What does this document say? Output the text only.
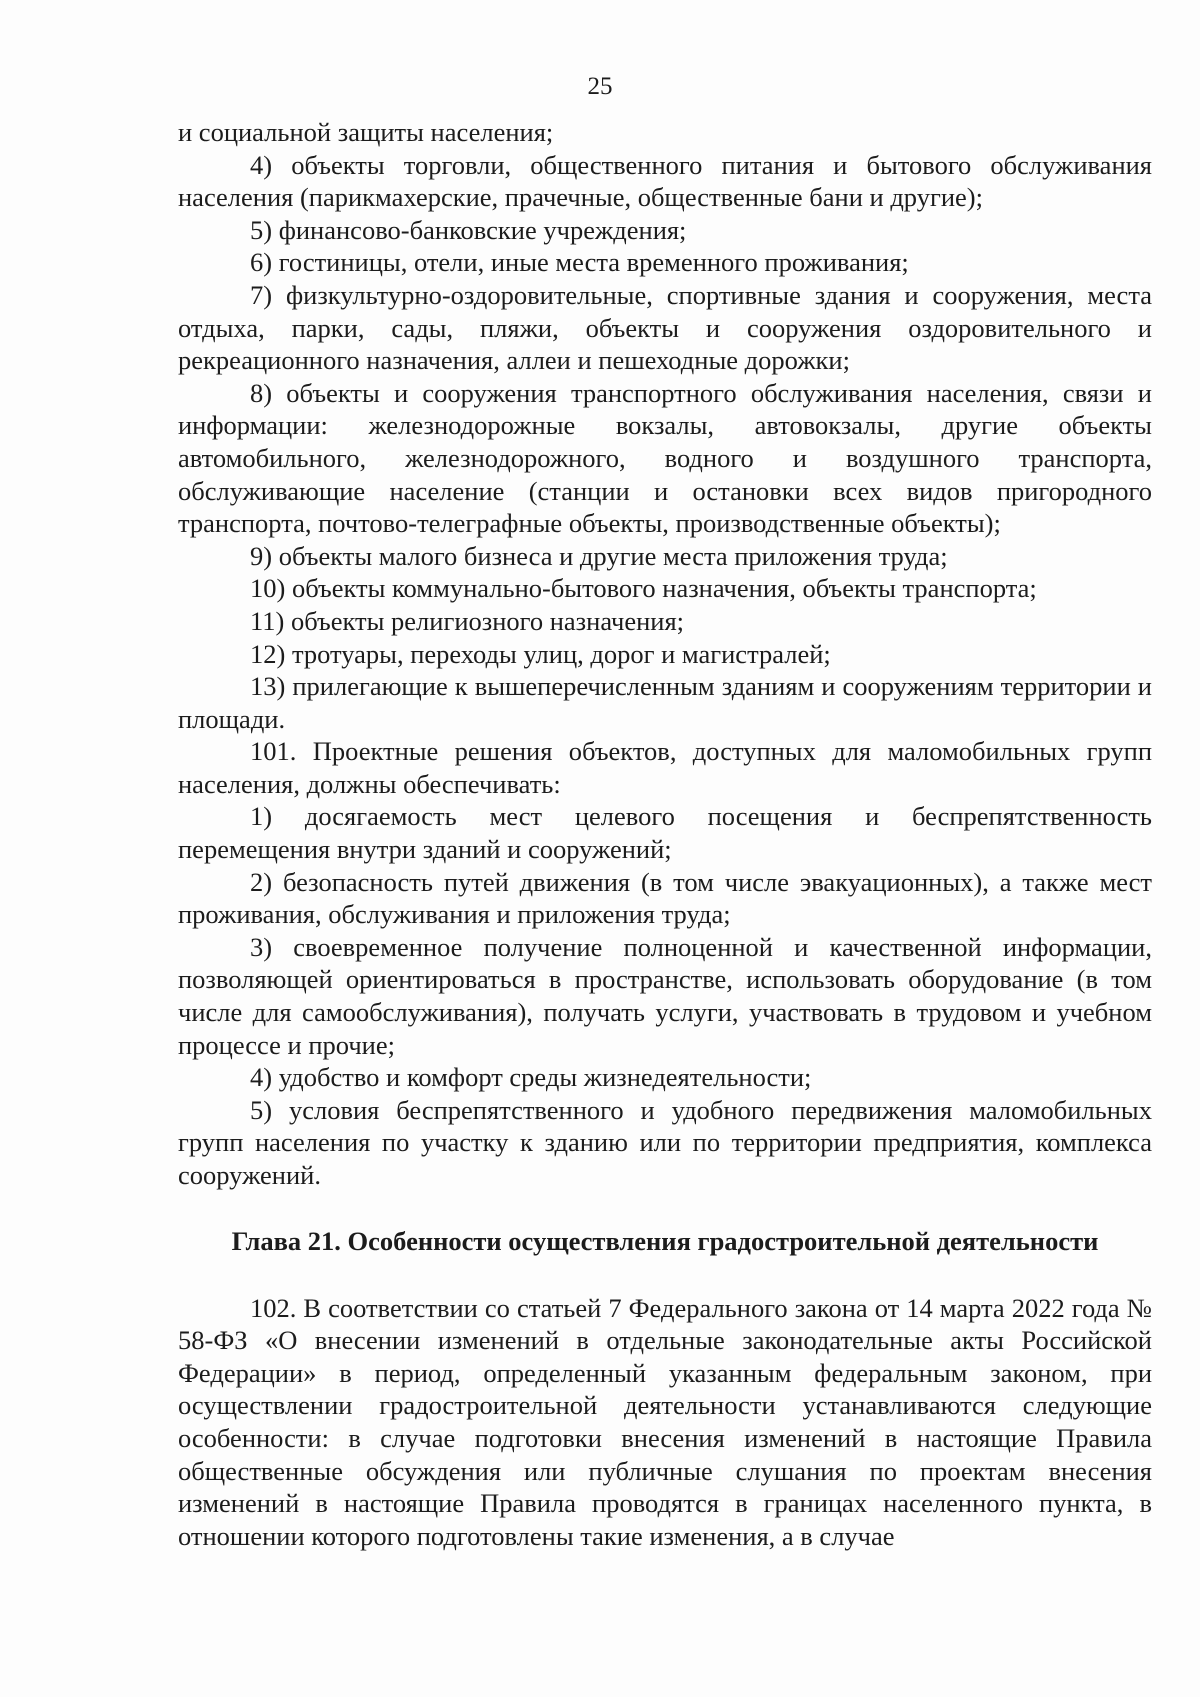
25

и социальной защиты населения;

4) объекты торговли, общественного питания и бытового обслуживания населения (парикмахерские, прачечные, общественные бани и другие);

5) финансово-банковские учреждения;

6) гостиницы, отели, иные места временного проживания;

7) физкультурно-оздоровительные, спортивные здания и сооружения, места отдыха, парки, сады, пляжи, объекты и сооружения оздоровительного и рекреационного назначения, аллеи и пешеходные дорожки;

8) объекты и сооружения транспортного обслуживания населения, связи и информации: железнодорожные вокзалы, автовокзалы, другие объекты автомобильного, железнодорожного, водного и воздушного транспорта, обслуживающие население (станции и остановки всех видов пригородного транспорта, почтово-телеграфные объекты, производственные объекты);

9) объекты малого бизнеса и другие места приложения труда;

10) объекты коммунально-бытового назначения, объекты транспорта;

11) объекты религиозного назначения;

12) тротуары, переходы улиц, дорог и магистралей;

13) прилегающие к вышеперечисленным зданиям и сооружениям территории и площади.

101. Проектные решения объектов, доступных для маломобильных групп населения, должны обеспечивать:

1) досягаемость мест целевого посещения и беспрепятственность перемещения внутри зданий и сооружений;

2) безопасность путей движения (в том числе эвакуационных), а также мест проживания, обслуживания и приложения труда;

3) своевременное получение полноценной и качественной информации, позволяющей ориентироваться в пространстве, использовать оборудование (в том числе для самообслуживания), получать услуги, участвовать в трудовом и учебном процессе и прочие;

4) удобство и комфорт среды жизнедеятельности;

5) условия беспрепятственного и удобного передвижения маломобильных групп населения по участку к зданию или по территории предприятия, комплекса сооружений.

Глава 21. Особенности осуществления градостроительной деятельности

102. В соответствии со статьей 7 Федерального закона от 14 марта 2022 года № 58-ФЗ «О внесении изменений в отдельные законодательные акты Российской Федерации» в период, определенный указанным федеральным законом, при осуществлении градостроительной деятельности устанавливаются следующие особенности: в случае подготовки внесения изменений в настоящие Правила общественные обсуждения или публичные слушания по проектам внесения изменений в настоящие Правила проводятся в границах населенного пункта, в отношении которого подготовлены такие изменения, а в случае
